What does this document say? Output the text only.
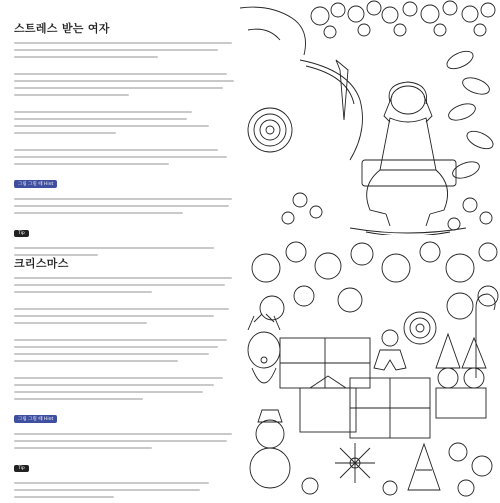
스트레스 받는 여자
그림 그릴 때 Hint
Tip
크리스마스
그림 그릴 때 Hint
Tip
